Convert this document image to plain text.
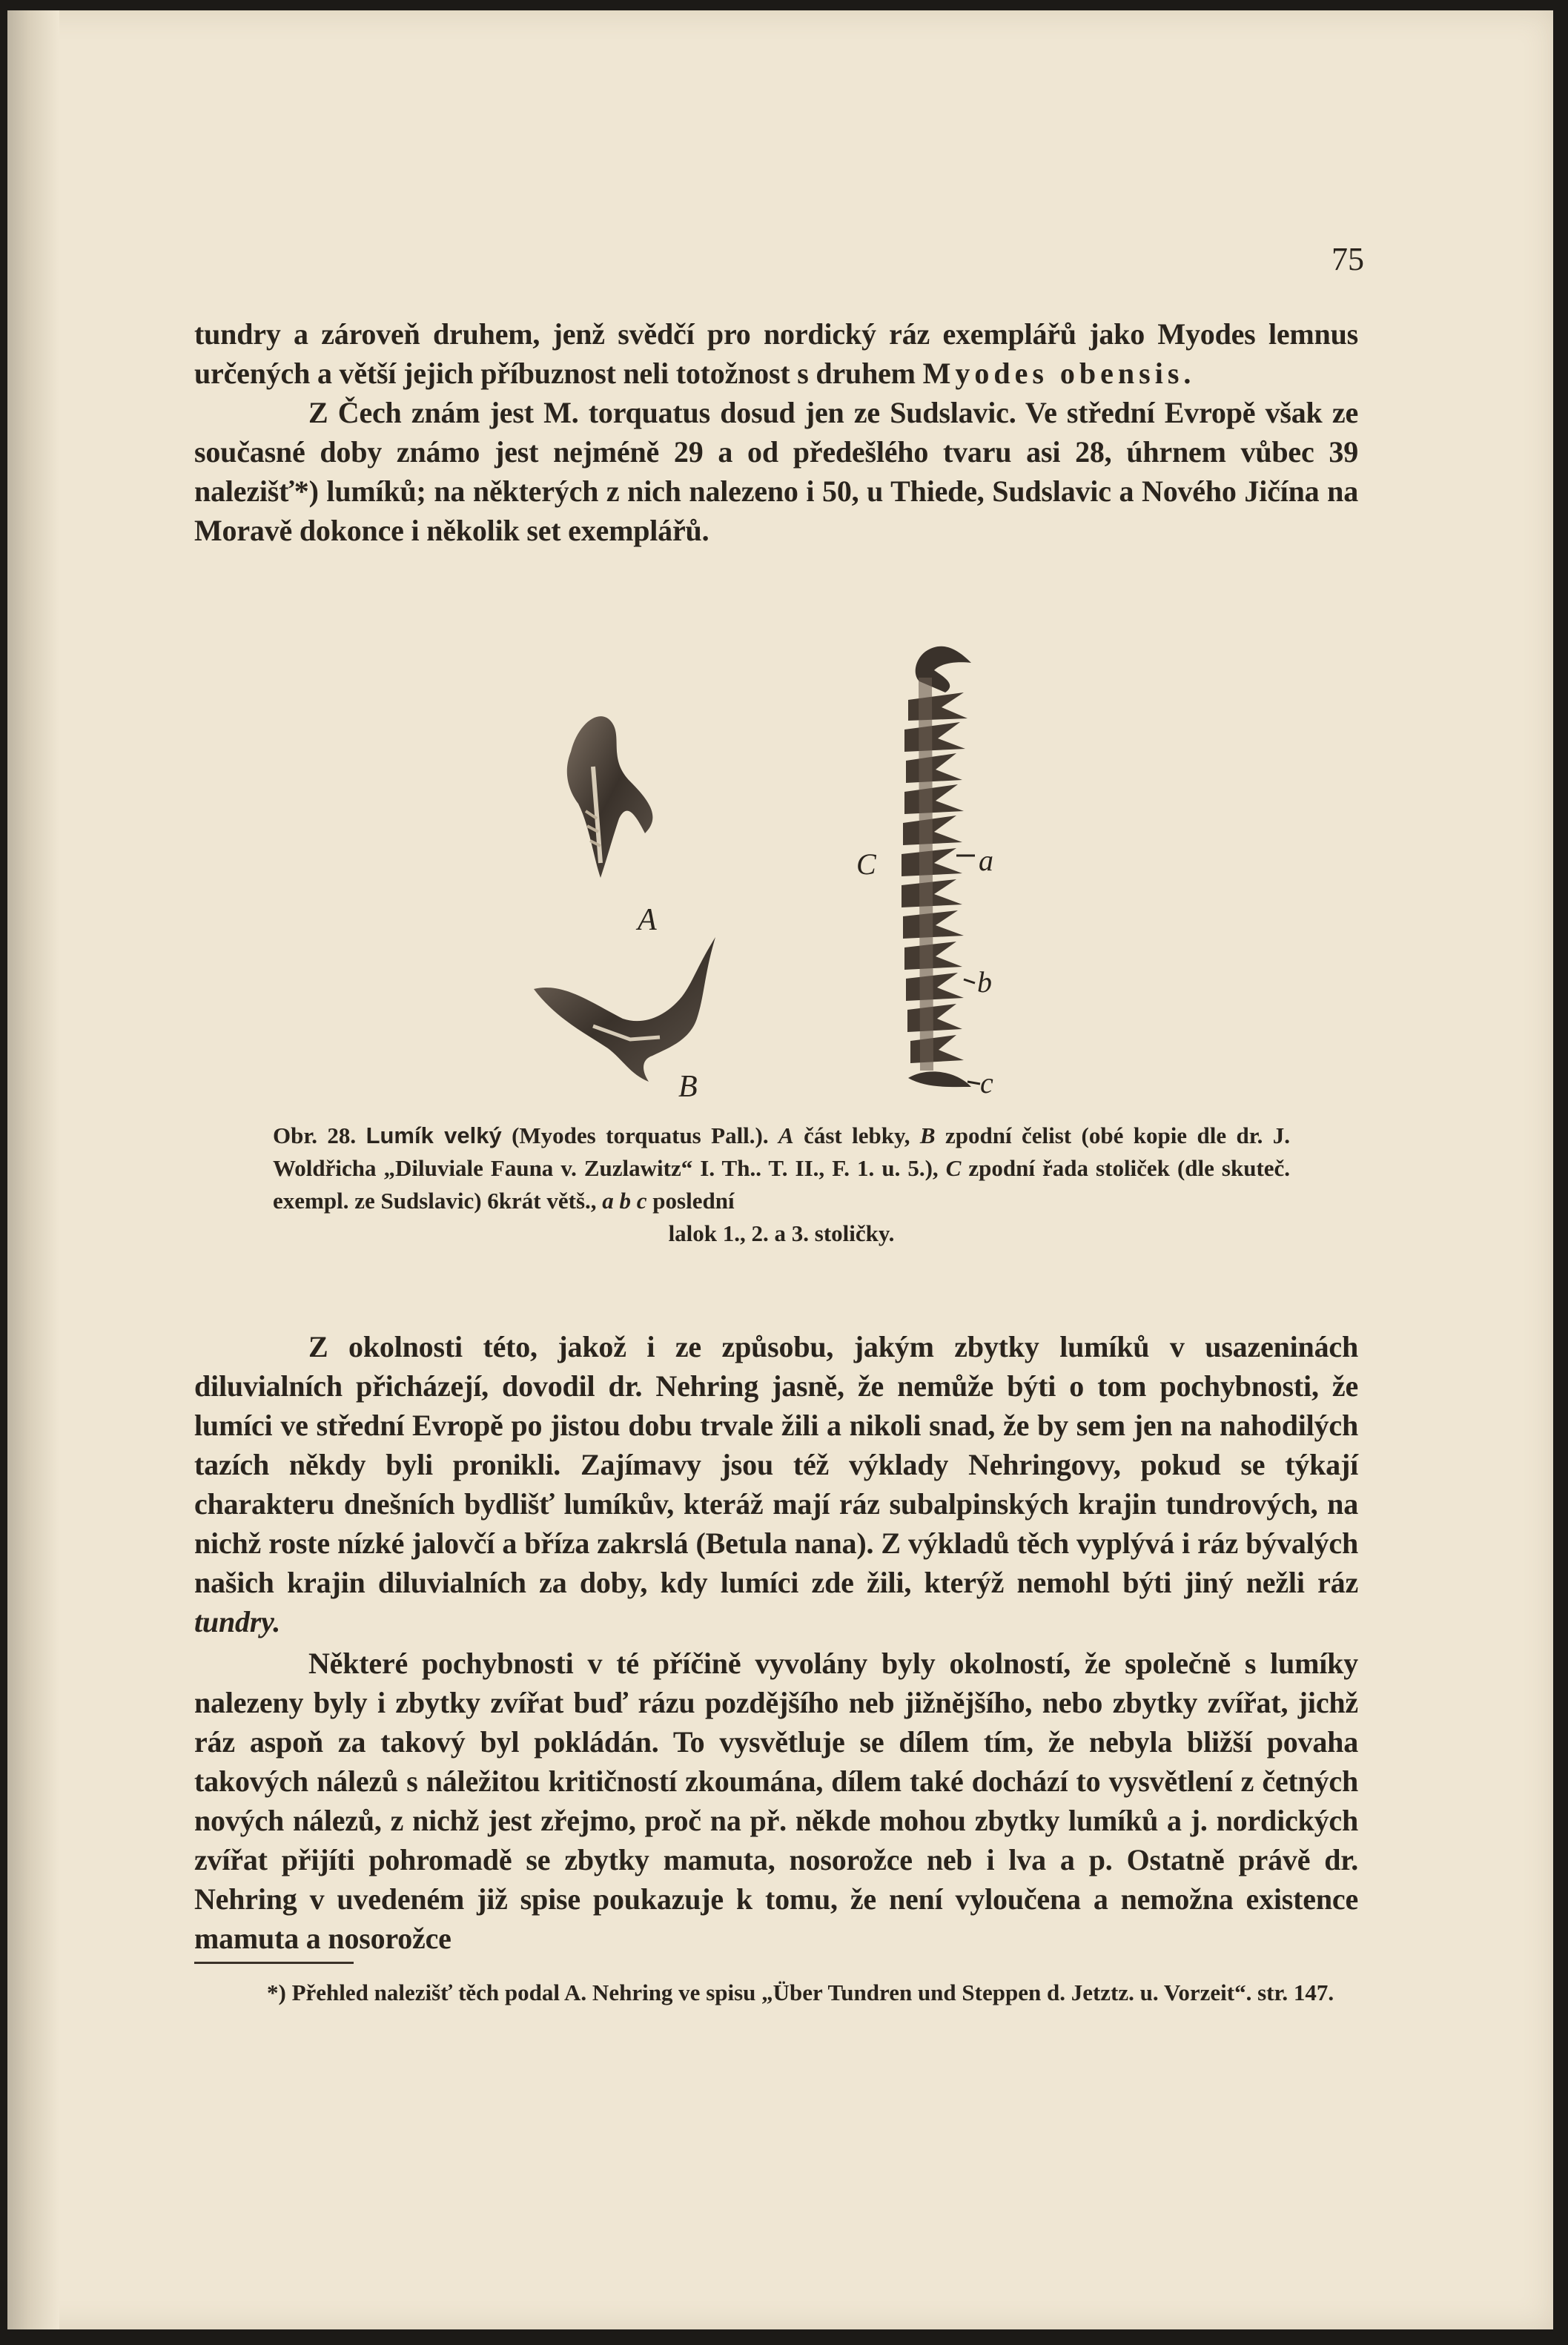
75

tundry a zároveň druhem, jenž svědčí pro nordický ráz exemplářů jako Myodes lemnus určených a větší jejich příbuznost neli totožnost s druhem Myodes obensis.
Z Čech znám jest M. torquatus dosud jen ze Sudslavic. Ve střední Evropě však ze současné doby známo jest nejméně 29 a od předešlého tvaru asi 28, úhrnem vůbec 39 nalezišť*) lumíků; na některých z nich nalezeno i 50, u Thiede, Sudslavic a Nového Jičína na Moravě dokonce i několik set exemplářů.

A
B
C	a
b
c

Obr. 28. Lumík velký (Myodes torquatus Pall.). A část lebky, B zpodní čelist (obé kopie dle dr. J. Woldřicha „Diluviale Fauna v. Zuzlawitz“ I. Th.. T. II., F. 1. u. 5.), C zpodní řada stoliček (dle skuteč. exempl. ze Sudslavic) 6krát větš., a b c poslední
lalok 1., 2. a 3. stoličky.

Z okolnosti této, jakož i ze způsobu, jakým zbytky lumíků v usazeninách diluvialních přicházejí, dovodil dr. Nehring jasně, že nemůže býti o tom pochybnosti, že lumíci ve střední Evropě po jistou dobu trvale žili a nikoli snad, že by sem jen na nahodilých tazích někdy byli pronikli. Zajímavy jsou též výklady Nehringovy, pokud se týkají charakteru dnešních bydlišť lumíkův, kteráž mají ráz subalpinských krajin tundrových, na nichž roste nízké jalovčí a bříza zakrslá (Betula nana). Z výkladů těch vyplývá i ráz bývalých našich krajin diluvialních za doby, kdy lumíci zde žili, kterýž nemohl býti jiný nežli ráz tundry.

Některé pochybnosti v té příčině vyvolány byly okolností, že společně s lumíky nalezeny byly i zbytky zvířat buď rázu pozdějšího neb jižnějšího, nebo zbytky zvířat, jichž ráz aspoň za takový byl pokládán. To vysvětluje se dílem tím, že nebyla bližší povaha takových nálezů s náležitou kritičností zkoumána, dílem také dochází to vysvětlení z četných nových nálezů, z nichž jest zřejmo, proč na př. někde mohou zbytky lumíků a j. nordických zvířat přijíti pohromadě se zbytky mamuta, nosorožce neb i lva a p. Ostatně právě dr. Nehring v uvedeném již spise poukazuje k tomu, že není vyloučena a nemožna existence mamuta a nosorožce

*) Přehled nalezišť těch podal A. Nehring ve spisu „Über Tundren und Steppen d. Jetztz. u. Vorzeit“. str. 147.
